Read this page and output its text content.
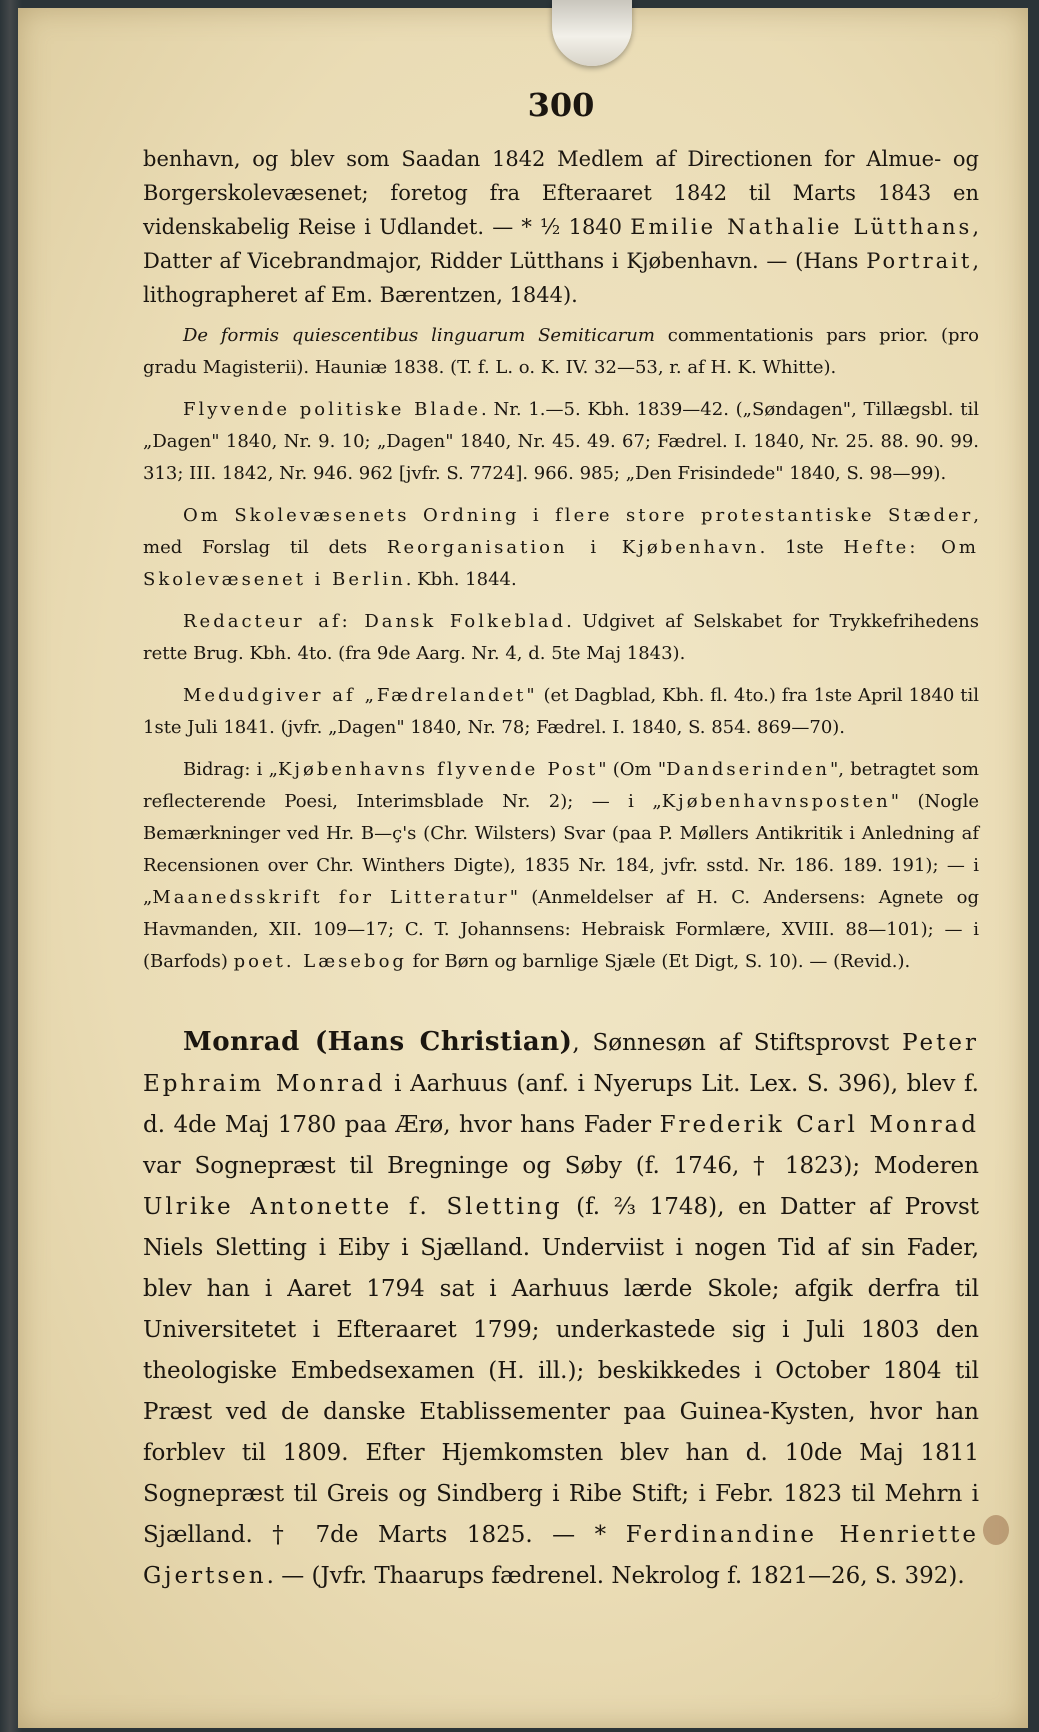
300

benhavn, og blev som Saadan 1842 Medlem af Directionen for Almue- og Borgerskolevæsenet; foretog fra Efteraaret 1842 til Marts 1843 en videnskabelig Reise i Udlandet. — * ½ 1840 Emilie Nathalie Lütthans, Datter af Vicebrandmajor, Ridder Lütthans i Kjøbenhavn. — (Hans Portrait, lithographeret af Em. Bærentzen, 1844).

De formis quiescentibus linguarum Semiticarum commentationis pars prior. (pro gradu Magisterii). Hauniæ 1838. (T. f. L. o. K. IV. 32—53, r. af H. K. Whitte).

Flyvende politiske Blade. Nr. 1.—5. Kbh. 1839—42. („Søndagen", Tillægsbl. til „Dagen" 1840, Nr. 9. 10; „Dagen" 1840, Nr. 45. 49. 67; Fædrel. I. 1840, Nr. 25. 88. 90. 99. 313; III. 1842, Nr. 946. 962 [jvfr. S. 7724]. 966. 985; „Den Frisindede" 1840, S. 98—99).

Om Skolevæsenets Ordning i flere store protestantiske Stæder, med Forslag til dets Reorganisation i Kjøbenhavn. 1ste Hefte: Om Skolevæsenet i Berlin. Kbh. 1844.

Redacteur af: Dansk Folkeblad. Udgivet af Selskabet for Trykkefrihedens rette Brug. Kbh. 4to. (fra 9de Aarg. Nr. 4, d. 5te Maj 1843).

Medudgiver af „Fædrelandet" (et Dagblad, Kbh. fl. 4to.) fra 1ste April 1840 til 1ste Juli 1841. (jvfr. „Dagen" 1840, Nr. 78; Fædrel. I. 1840, S. 854. 869—70).

Bidrag: i „Kjøbenhavns flyvende Post" (Om "Dandserinden", betragtet som reflecterende Poesi, Interimsblade Nr. 2); — i „Kjøbenhavnsposten" (Nogle Bemærkninger ved Hr. B—ç's (Chr. Wilsters) Svar (paa P. Møllers Antikritik i Anledning af Recensionen over Chr. Winthers Digte), 1835 Nr. 184, jvfr. sstd. Nr. 186. 189. 191); — i „Maanedsskrift for Litteratur" (Anmeldelser af H. C. Andersens: Agnete og Havmanden, XII. 109—17; C. T. Johannsens: Hebraisk Formlære, XVIII. 88—101); — i (Barfods) poet. Læsebog for Børn og barnlige Sjæle (Et Digt, S. 10). — (Revid.).

Monrad (Hans Christian), Sønnesøn af Stiftsprovst Peter Ephraim Monrad i Aarhuus (anf. i Nyerups Lit. Lex. S. 396), blev f. d. 4de Maj 1780 paa Ærø, hvor hans Fader Frederik Carl Monrad var Sognepræst til Bregninge og Søby (f. 1746, † 1823); Moderen Ulrike Antonette f. Sletting (f. ²⁄₃ 1748), en Datter af Provst Niels Sletting i Eiby i Sjælland. Underviist i nogen Tid af sin Fader, blev han i Aaret 1794 sat i Aarhuus lærde Skole; afgik derfra til Universitetet i Efteraaret 1799; underkastede sig i Juli 1803 den theologiske Embedsexamen (H. ill.); beskikkedes i October 1804 til Præst ved de danske Etablissementer paa Guinea-Kysten, hvor han forblev til 1809. Efter Hjemkomsten blev han d. 10de Maj 1811 Sognepræst til Greis og Sindberg i Ribe Stift; i Febr. 1823 til Mehrn i Sjælland. † 7de Marts 1825. — * Ferdinandine Henriette Gjertsen. — (Jvfr. Thaarups fædrenel. Nekrolog f. 1821—26, S. 392).
